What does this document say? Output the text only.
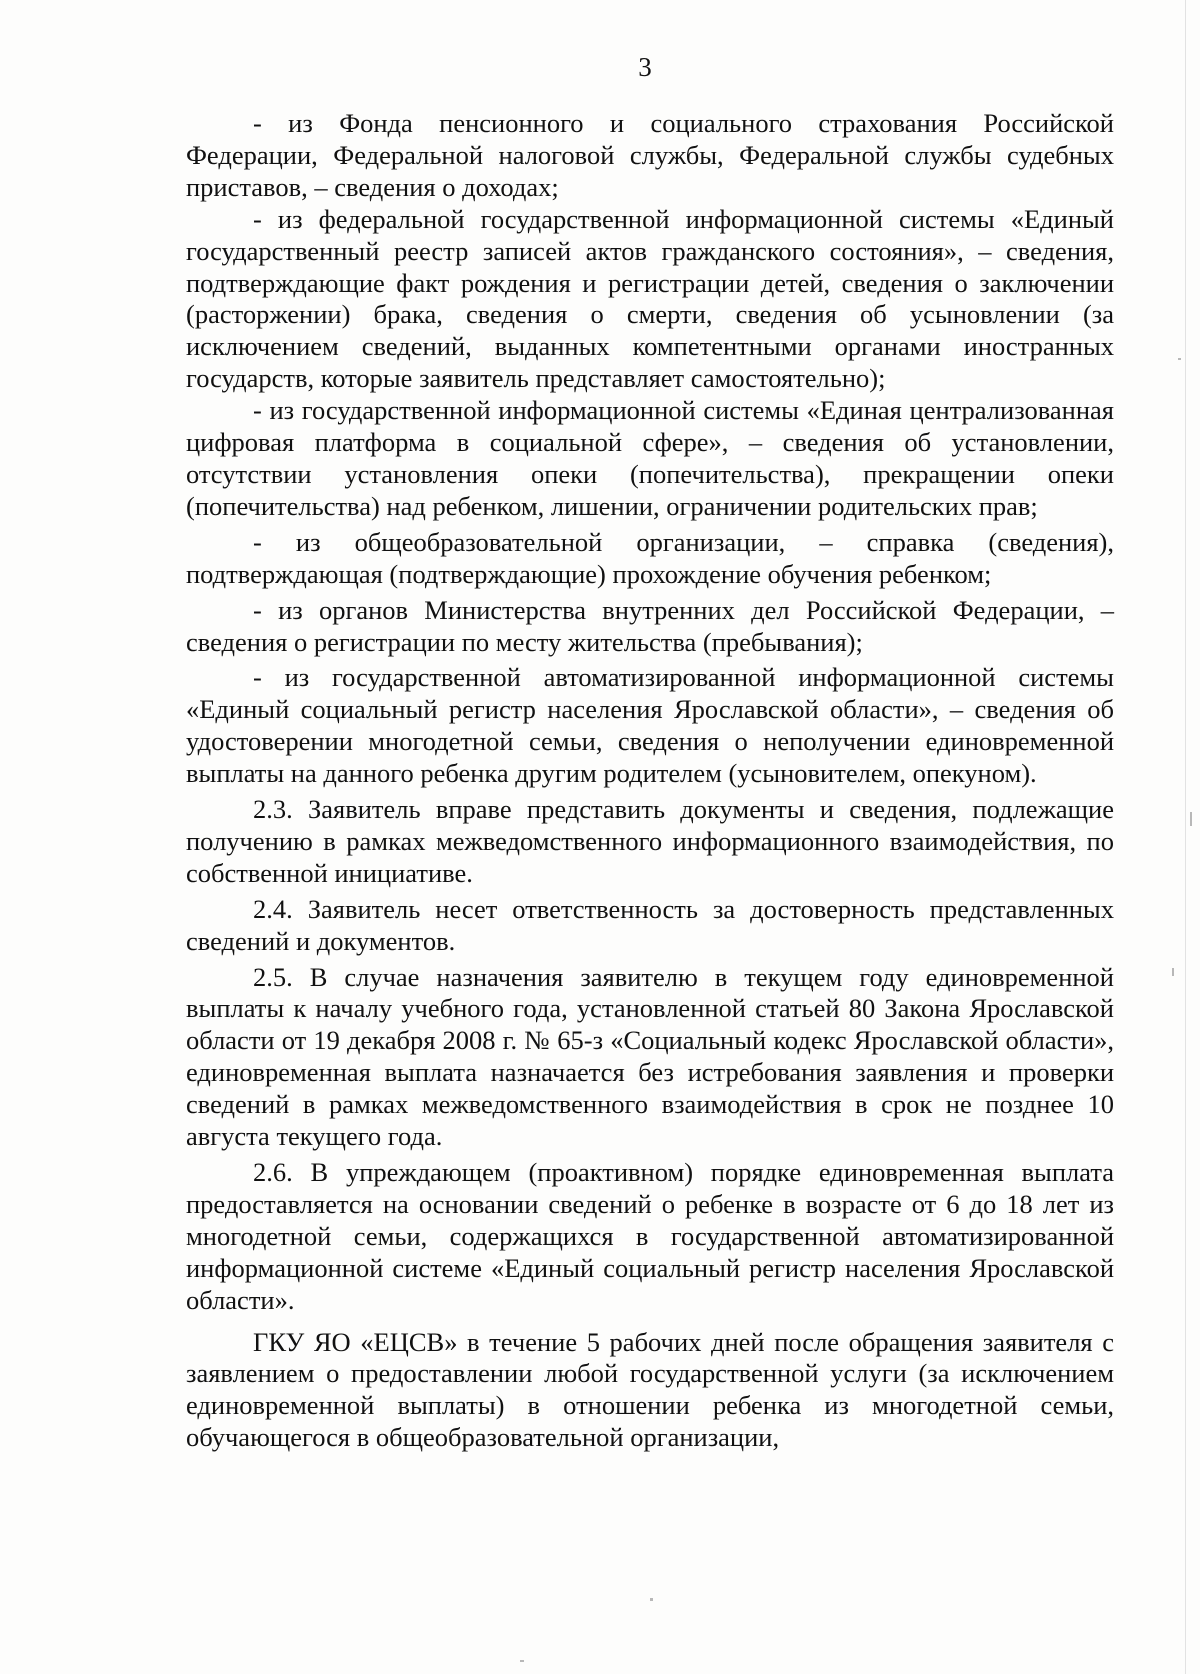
3

- из Фонда пенсионного и социального страхования Российской Федерации, Федеральной налоговой службы, Федеральной службы судебных приставов, – сведения о доходах;

- из федеральной государственной информационной системы «Единый государственный реестр записей актов гражданского состояния», – сведения, подтверждающие факт рождения и регистрации детей, сведения о заключении (расторжении) брака, сведения о смерти, сведения об усыновлении (за исключением сведений, выданных компетентными органами иностранных государств, которые заявитель представляет самостоятельно);

- из государственной информационной системы «Единая централизованная цифровая платформа в социальной сфере», – сведения об установлении, отсутствии установления опеки (попечительства), прекращении опеки (попечительства) над ребенком, лишении, ограничении родительских прав;

- из общеобразовательной организации, – справка (сведения), подтверждающая (подтверждающие) прохождение обучения ребенком;

- из органов Министерства внутренних дел Российской Федерации, – сведения о регистрации по месту жительства (пребывания);

- из государственной автоматизированной информационной системы «Единый социальный регистр населения Ярославской области», – сведения об удостоверении многодетной семьи, сведения о неполучении единовременной выплаты на данного ребенка другим родителем (усыновителем, опекуном).

2.3. Заявитель вправе представить документы и сведения, подлежащие получению в рамках межведомственного информационного взаимодействия, по собственной инициативе.

2.4. Заявитель несет ответственность за достоверность представленных сведений и документов.

2.5. В случае назначения заявителю в текущем году единовременной выплаты к началу учебного года, установленной статьей 80 Закона Ярославской области от 19 декабря 2008 г. № 65-з «Социальный кодекс Ярославской области», единовременная выплата назначается без истребования заявления и проверки сведений в рамках межведомственного взаимодействия в срок не позднее 10 августа текущего года.

2.6. В упреждающем (проактивном) порядке единовременная выплата предоставляется на основании сведений о ребенке в возрасте от 6 до 18 лет из многодетной семьи, содержащихся в государственной автоматизированной информационной системе «Единый социальный регистр населения Ярославской области».

ГКУ ЯО «ЕЦСВ» в течение 5 рабочих дней после обращения заявителя с заявлением о предоставлении любой государственной услуги (за исключением единовременной выплаты) в отношении ребенка из многодетной семьи, обучающегося в общеобразовательной организации,
